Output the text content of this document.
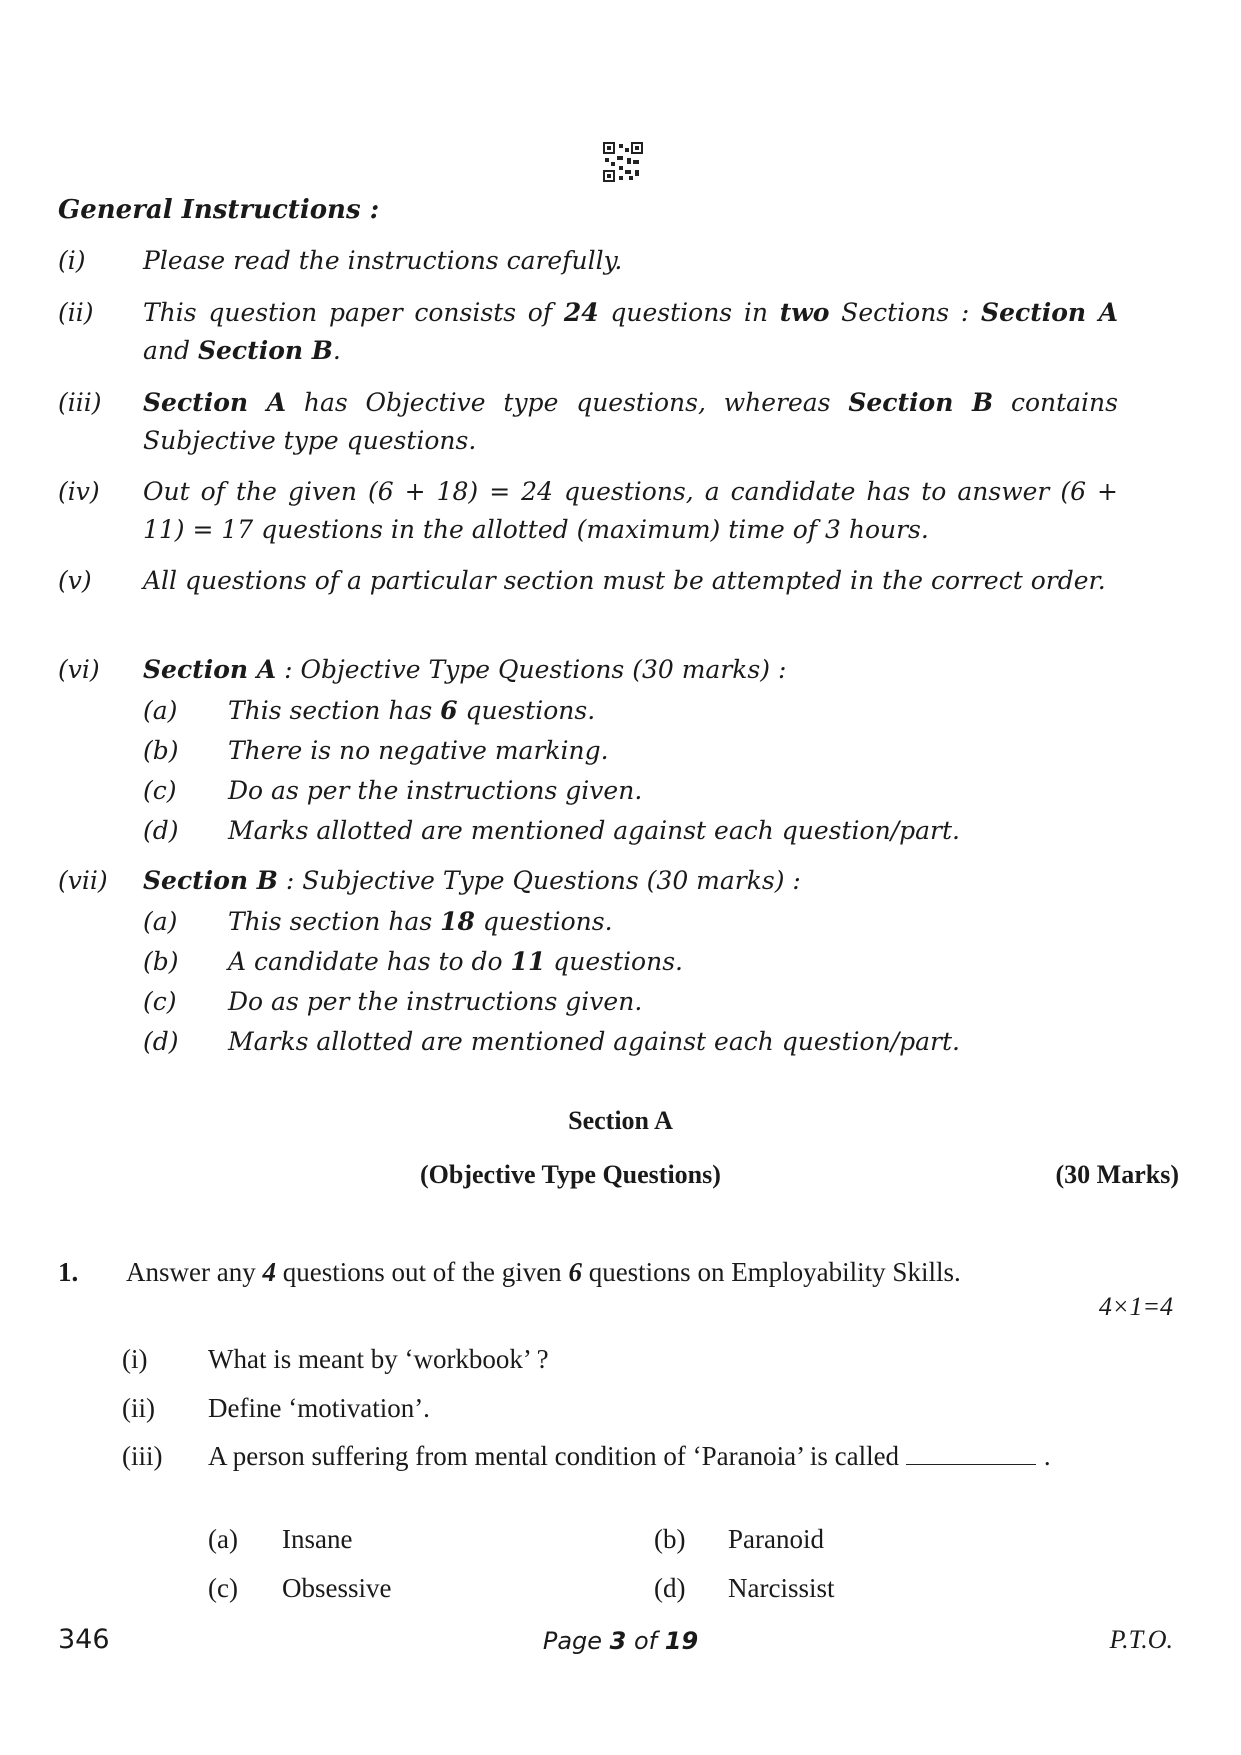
General Instructions :
(i) Please read the instructions carefully.
(ii) This question paper consists of 24 questions in two Sections : Section A and Section B.
(iii) Section A has Objective type questions, whereas Section B contains Subjective type questions.
(iv) Out of the given (6 + 18) = 24 questions, a candidate has to answer (6 + 11) = 17 questions in the allotted (maximum) time of 3 hours.
(v) All questions of a particular section must be attempted in the correct order.
(vi) Section A : Objective Type Questions (30 marks) :
(a) This section has 6 questions.
(b) There is no negative marking.
(c) Do as per the instructions given.
(d) Marks allotted are mentioned against each question/part.
(vii) Section B : Subjective Type Questions (30 marks) :
(a) This section has 18 questions.
(b) A candidate has to do 11 questions.
(c) Do as per the instructions given.
(d) Marks allotted are mentioned against each question/part.
Section A
(Objective Type Questions)	(30 Marks)
1. Answer any 4 questions out of the given 6 questions on Employability Skills.
4×1=4
(i) What is meant by ‘workbook’ ?
(ii) Define ‘motivation’.
(iii) A person suffering from mental condition of ‘Paranoia’ is called	.
(a) Insane	(b) Paranoid
(c) Obsessive	(d) Narcissist
346	Page 3 of 19	P.T.O.
